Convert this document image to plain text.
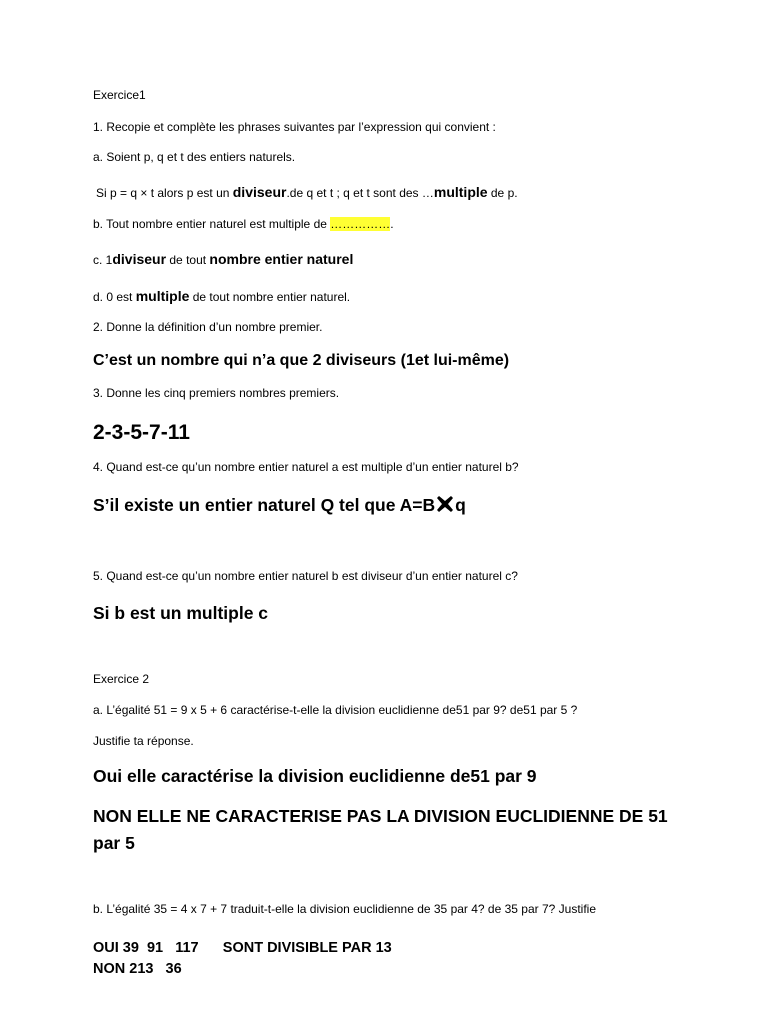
Exercice1
1. Recopie et complète les phrases suivantes par l’expression qui convient :
a. Soient p, q et t des entiers naturels.
Si p = q × t alors p est un diviseur.de q et t ; q et t sont des …multiple de p.
b. Tout nombre entier naturel est multiple de …………….
c. 1diviseur de tout nombre entier naturel
d. 0 est multiple de tout nombre entier naturel.
2. Donne la définition d’un nombre premier.
C’est un nombre qui n’a que 2 diviseurs (1et lui-même)
3. Donne les cinq premiers nombres premiers.
2-3-5-7-11
4. Quand est-ce qu’un nombre entier naturel a est multiple d’un entier naturel b?
S’il existe un entier naturel Q tel que A=B q
5. Quand est-ce qu’un nombre entier naturel b est diviseur d’un entier naturel c?
Si b est un multiple c
Exercice 2
a. L’égalité 51 = 9 x 5 + 6 caractérise-t-elle la division euclidienne de51 par 9? de51 par 5 ?
Justifie ta réponse.
Oui elle caractérise la division euclidienne de51 par 9
NON ELLE NE CARACTERISE PAS LA DIVISION EUCLIDIENNE DE 51
par 5
b. L’égalité 35 = 4 x 7 + 7 traduit-t-elle la division euclidienne de 35 par 4? de 35 par 7? Justifie
OUI 39  91   117      SONT DIVISIBLE PAR 13
NON 213   36
